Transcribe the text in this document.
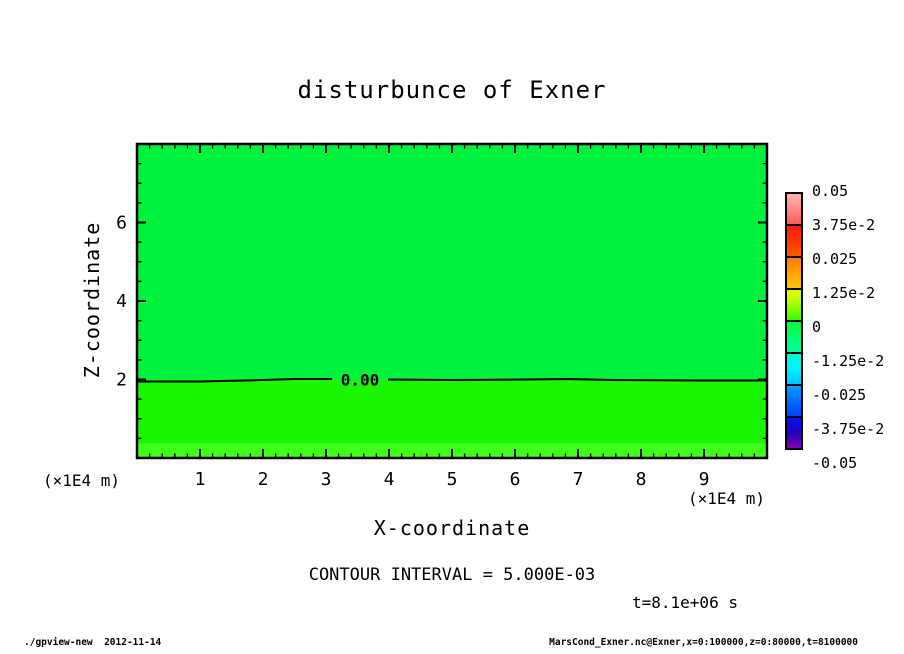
disturbunce of Exner
Z-coordinate
0.00
1	2	3	4	5	6	7	8	9
2
4
6
(×1E4 m)
(×1E4 m)
X-coordinate
CONTOUR INTERVAL = 5.000E-03
t=8.1e+06 s
./gpview-new  2012-11-14	MarsCond_Exner.nc@Exner,x=0:100000,z=0:80000,t=8100000
0.05
3.75e-2
0.025
1.25e-2
0
-1.25e-2
-0.025
-3.75e-2
-0.05
